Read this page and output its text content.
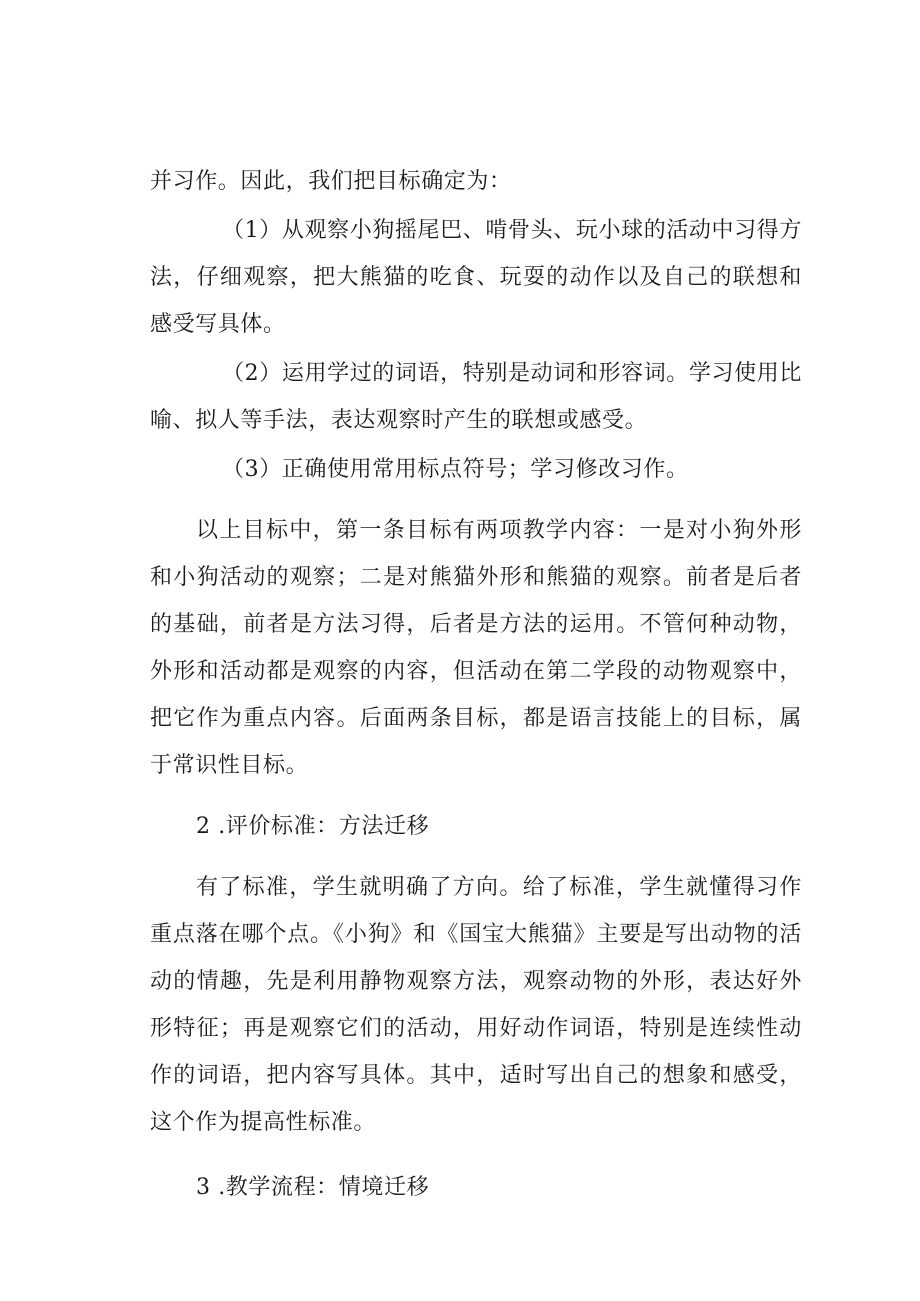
并习作。因此，我们把目标确定为：

（1）从观察小狗摇尾巴、啃骨头、玩小球的活动中习得方法，仔细观察，把大熊猫的吃食、玩耍的动作以及自己的联想和感受写具体。

（2）运用学过的词语，特别是动词和形容词。学习使用比喻、拟人等手法，表达观察时产生的联想或感受。

（3）正确使用常用标点符号；学习修改习作。

以上目标中，第一条目标有两项教学内容：一是对小狗外形和小狗活动的观察；二是对熊猫外形和熊猫的观察。前者是后者的基础，前者是方法习得，后者是方法的运用。不管何种动物，外形和活动都是观察的内容，但活动在第二学段的动物观察中，把它作为重点内容。后面两条目标，都是语言技能上的目标，属于常识性目标。

2 .评价标准：方法迁移

有了标准，学生就明确了方向。给了标准，学生就懂得习作重点落在哪个点。《小狗》和《国宝大熊猫》主要是写出动物的活动的情趣，先是利用静物观察方法，观察动物的外形，表达好外形特征；再是观察它们的活动，用好动作词语，特别是连续性动作的词语，把内容写具体。其中，适时写出自己的想象和感受，这个作为提高性标准。

3 .教学流程：情境迁移
